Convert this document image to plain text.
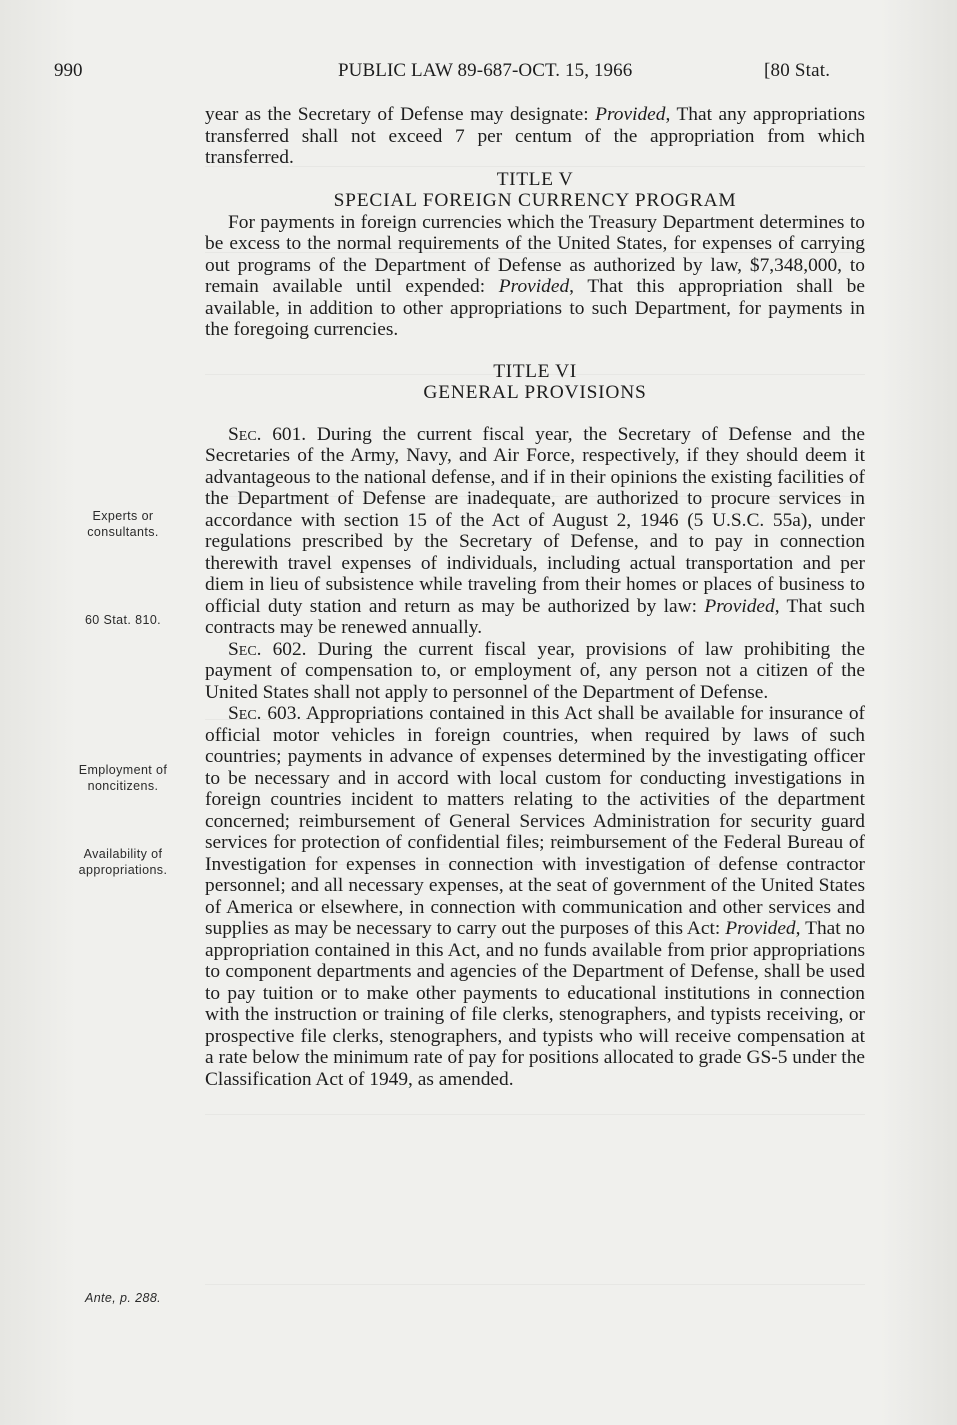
990	PUBLIC LAW 89-687-OCT. 15, 1966	[80 Stat.

year as the Secretary of Defense may designate: Provided, That any appropriations transferred shall not exceed 7 per centum of the appropriation from which transferred.

TITLE V

SPECIAL FOREIGN CURRENCY PROGRAM

For payments in foreign currencies which the Treasury Department determines to be excess to the normal requirements of the United States, for expenses of carrying out programs of the Department of Defense as authorized by law, $7,348,000, to remain available until expended: Provided, That this appropriation shall be available, in addition to other appropriations to such Department, for payments in the foregoing currencies.

TITLE VI

GENERAL PROVISIONS

Sec. 601. During the current fiscal year, the Secretary of Defense and the Secretaries of the Army, Navy, and Air Force, respectively, if they should deem it advantageous to the national defense, and if in their opinions the existing facilities of the Department of Defense are inadequate, are authorized to procure services in accordance with section 15 of the Act of August 2, 1946 (5 U.S.C. 55a), under regulations prescribed by the Secretary of Defense, and to pay in connection therewith travel expenses of individuals, including actual transportation and per diem in lieu of subsistence while traveling from their homes or places of business to official duty station and return as may be authorized by law: Provided, That such contracts may be renewed annually.

Sec. 602. During the current fiscal year, provisions of law prohibiting the payment of compensation to, or employment of, any person not a citizen of the United States shall not apply to personnel of the Department of Defense.

Sec. 603. Appropriations contained in this Act shall be available for insurance of official motor vehicles in foreign countries, when required by laws of such countries; payments in advance of expenses determined by the investigating officer to be necessary and in accord with local custom for conducting investigations in foreign countries incident to matters relating to the activities of the department concerned; reimbursement of General Services Administration for security guard services for protection of confidential files; reimbursement of the Federal Bureau of Investigation for expenses in connection with investigation of defense contractor personnel; and all necessary expenses, at the seat of government of the United States of America or elsewhere, in connection with communication and other services and supplies as may be necessary to carry out the purposes of this Act: Provided, That no appropriation contained in this Act, and no funds available from prior appropriations to component departments and agencies of the Department of Defense, shall be used to pay tuition or to make other payments to educational institutions in connection with the instruction or training of file clerks, stenographers, and typists receiving, or prospective file clerks, stenographers, and typists who will receive compensation at a rate below the minimum rate of pay for positions allocated to grade GS-5 under the Classification Act of 1949, as amended.

Experts or consultants.
60 Stat. 810.
Employment of noncitizens.
Availability of appropriations.
Ante, p. 288.
